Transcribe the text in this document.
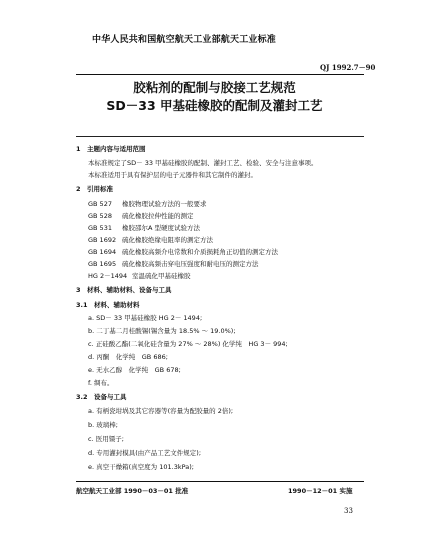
中华人民共和国航空航天工业部航天工业标准
QJ 1992.7－90
胶粘剂的配制与胶接工艺规范
SD－33 甲基硅橡胶的配制及灌封工艺
1　主题内容与适用范围
本标准规定了SD－ 33 甲基硅橡胶的配制、灌封工艺、检验、安全与注意事项。
本标准适用于具有保护层的电子元器件和其它制件的灌封。
2　引用标准
GB 527 橡胶物理试验方法的一般要求
GB 528 硫化橡胶拉伸性能的测定
GB 531 橡胶邵尔A 型硬度试验方法
GB 1692 硫化橡胶绝缘电阻率的测定方法
GB 1694 硫化橡胶高频介电常数和介质损耗角正切值的测定方法
GB 1695 硫化橡胶高频击穿电压强度和耐电压的测定方法
HG 2－1494 室温硫化甲基硅橡胶
3　材料、辅助材料、设备与工具
3.1　材料、辅助材料
a. SD－ 33 甲基硅橡胶 HG 2－ 1494;
b. 二丁基二月桂酸锡(锡含量为 18.5% ～ 19.0%);
c. 正硅酸乙酯(二氧化硅含量为 27% ～ 28%) 化学纯　HG 3－ 994;
d. 丙酮　化学纯　GB 686;
e. 无水乙醇　化学纯　GB 678;
f. 绸布。
3.2　设备与工具
a. 有柄瓷坩埚及其它容器等(容量为配胶量的 2倍);
b. 玻璃棒;
c. 医用镊子;
d. 专用灌封模具(由产品工艺文件规定);
e. 真空干燥箱(真空度为 101.3kPa);
航空航天工业部 1990－03－01 批准	1990－12－01 实施
33
